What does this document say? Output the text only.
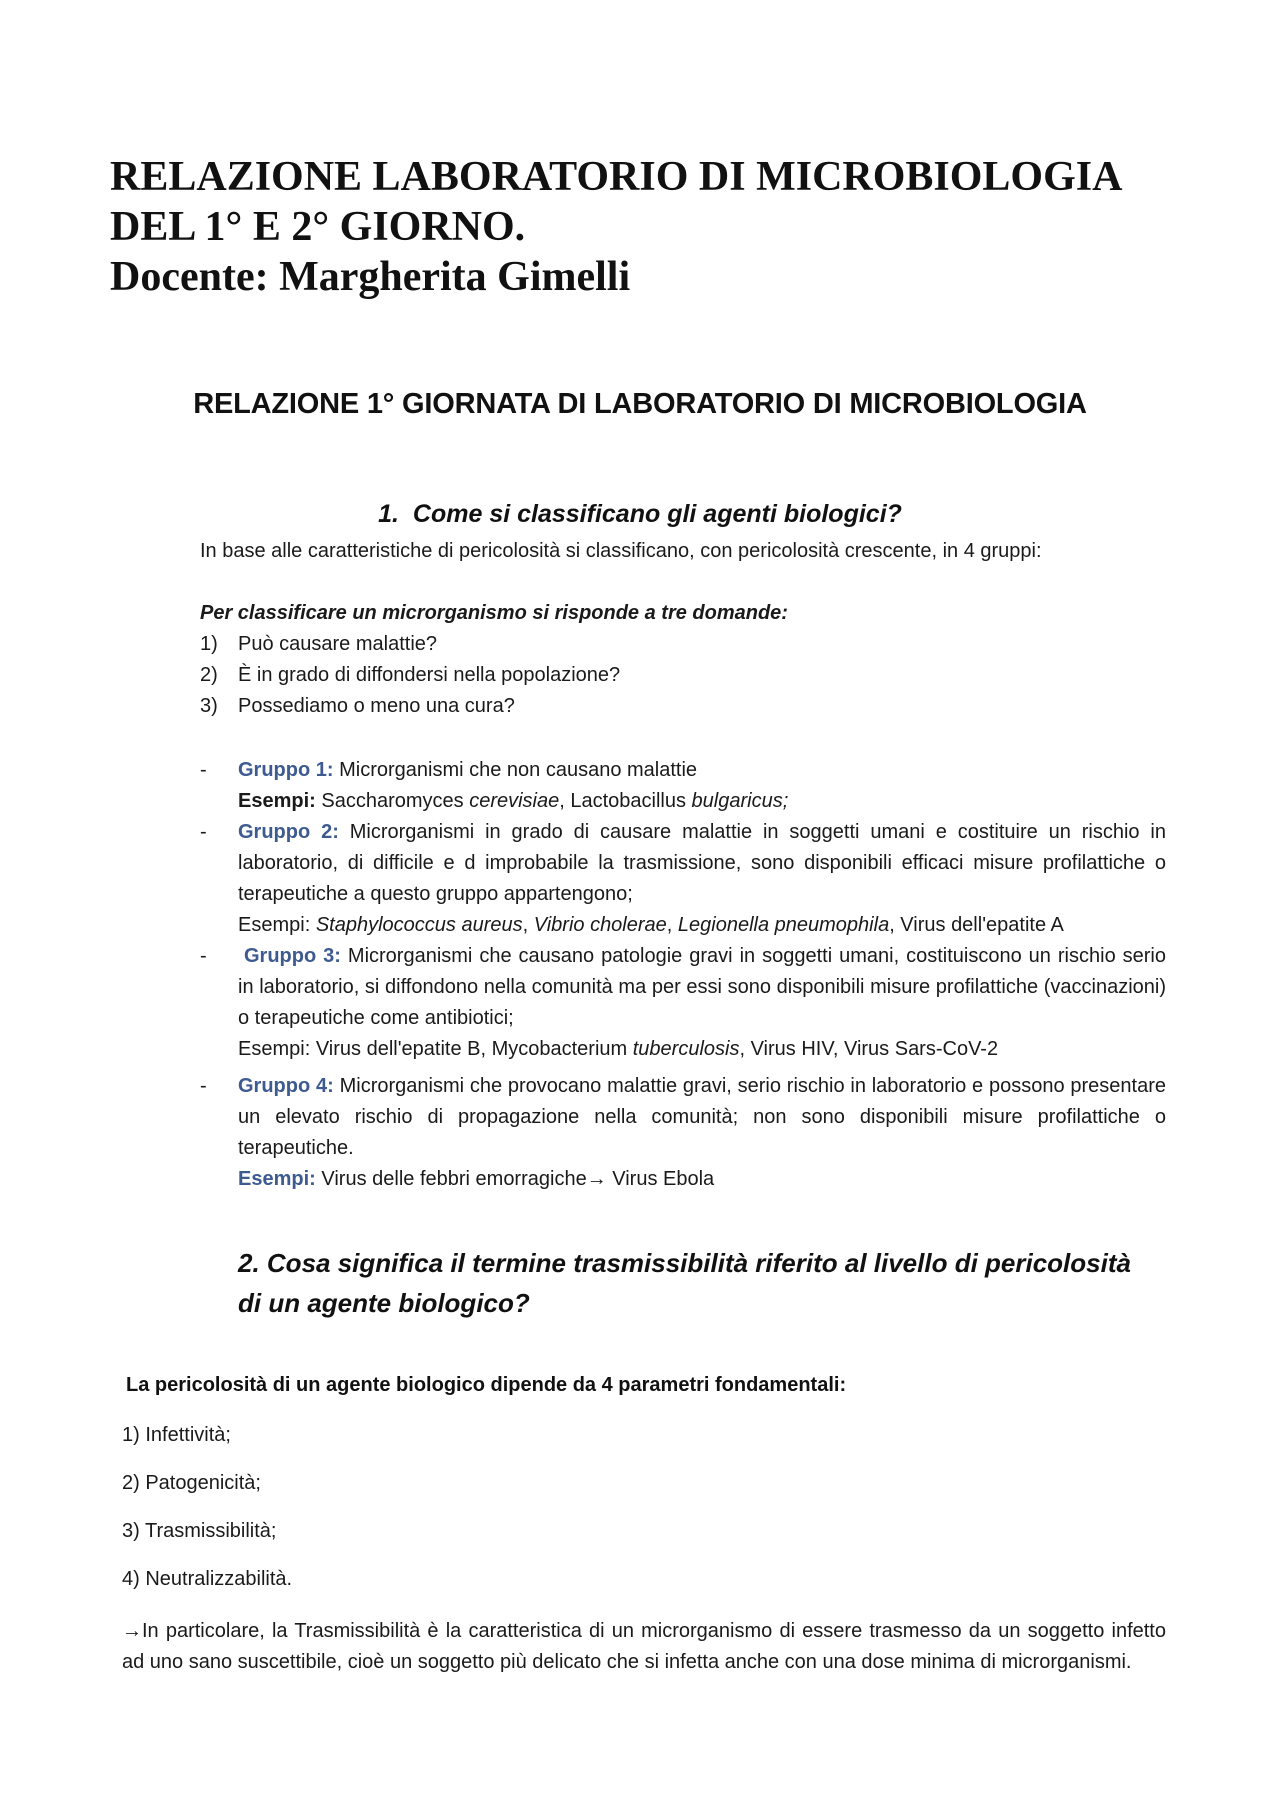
RELAZIONE LABORATORIO DI MICROBIOLOGIA
DEL 1° E 2° GIORNO.
Docente: Margherita Gimelli
RELAZIONE 1° GIORNATA DI LABORATORIO DI MICROBIOLOGIA
1. Come si classificano gli agenti biologici?
In base alle caratteristiche di pericolosità si classificano, con pericolosità crescente, in 4 gruppi:
Per classificare un microrganismo si risponde a tre domande:
1)	Può causare malattie?
2)	È in grado di diffondersi nella popolazione?
3)	Possediamo o meno una cura?
-	Gruppo 1: Microrganismi che non causano malattie

Esempi: Saccharomyces cerevisiae, Lactobacillus bulgaricus;

-	Gruppo 2: Microrganismi in grado di causare malattie in soggetti umani e costituire un rischio in laboratorio, di difficile e d improbabile la trasmissione, sono disponibili efficaci misure profilattiche o terapeutiche a questo gruppo appartengono;

Esempi: Staphylococcus aureus, Vibrio cholerae, Legionella pneumophila, Virus dell'epatite A

-	Gruppo 3: Microrganismi che causano patologie gravi in soggetti umani, costituiscono un rischio serio in laboratorio, si diffondono nella comunità ma per essi sono disponibili misure profilattiche (vaccinazioni) o terapeutiche come antibiotici;

Esempi: Virus dell'epatite B, Mycobacterium tuberculosis, Virus HIV, Virus Sars-CoV-2

-	Gruppo 4: Microrganismi che provocano malattie gravi, serio rischio in laboratorio e possono presentare un elevato rischio di propagazione nella comunità; non sono disponibili misure profilattiche o terapeutiche.

Esempi: Virus delle febbri emorragiche→ Virus Ebola

2. Cosa significa il termine trasmissibilità riferito al livello di pericolosità
di un agente biologico?
La pericolosità di un agente biologico dipende da 4 parametri fondamentali:
1) Infettività;
2) Patogenicità;
3) Trasmissibilità;
4) Neutralizzabilità.
→In particolare, la Trasmissibilità è la caratteristica di un microrganismo di essere trasmesso da un soggetto infetto ad uno sano suscettibile, cioè un soggetto più delicato che si infetta anche con una dose minima di microrganismi.
